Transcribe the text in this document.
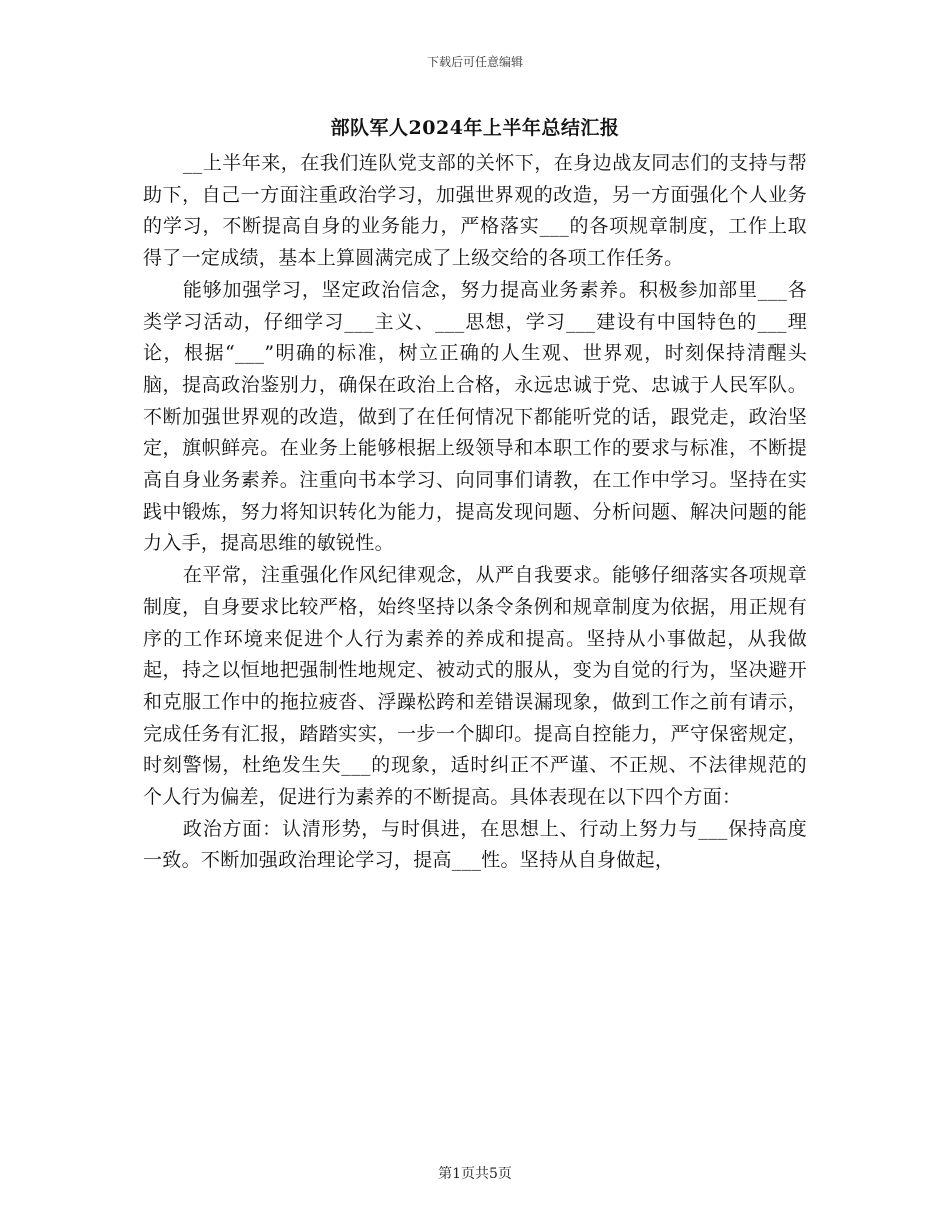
下载后可任意编辑
部队军人2024年上半年总结汇报

__上半年来，在我们连队党支部的关怀下，在身边战友同志们的支持与帮助下，自己一方面注重政治学习，加强世界观的改造，另一方面强化个人业务的学习，不断提高自身的业务能力，严格落实___的各项规章制度，工作上取得了一定成绩，基本上算圆满完成了上级交给的各项工作任务。

能够加强学习，坚定政治信念，努力提高业务素养。积极参加部里___各类学习活动，仔细学习___主义、___思想，学习___建设有中国特色的___理论，根据“___”明确的标准，树立正确的人生观、世界观，时刻保持清醒头脑，提高政治鉴别力，确保在政治上合格，永远忠诚于党、忠诚于人民军队。不断加强世界观的改造，做到了在任何情况下都能听党的话，跟党走，政治坚定，旗帜鲜亮。在业务上能够根据上级领导和本职工作的要求与标准，不断提高自身业务素养。注重向书本学习、向同事们请教，在工作中学习。坚持在实践中锻炼，努力将知识转化为能力，提高发现问题、分析问题、解决问题的能力入手，提高思维的敏锐性。

在平常，注重强化作风纪律观念，从严自我要求。能够仔细落实各项规章制度，自身要求比较严格，始终坚持以条令条例和规章制度为依据，用正规有序的工作环境来促进个人行为素养的养成和提高。坚持从小事做起，从我做起，持之以恒地把强制性地规定、被动式的服从，变为自觉的行为，坚决避开和克服工作中的拖拉疲沓、浮躁松跨和差错误漏现象，做到工作之前有请示，完成任务有汇报，踏踏实实，一步一个脚印。提高自控能力，严守保密规定，时刻警惕，杜绝发生失___的现象，适时纠正不严谨、不正规、不法律规范的个人行为偏差，促进行为素养的不断提高。具体表现在以下四个方面：

政治方面：认清形势，与时俱进，在思想上、行动上努力与___保持高度一致。不断加强政治理论学习，提高___性。坚持从自身做起，

第1页共5页
